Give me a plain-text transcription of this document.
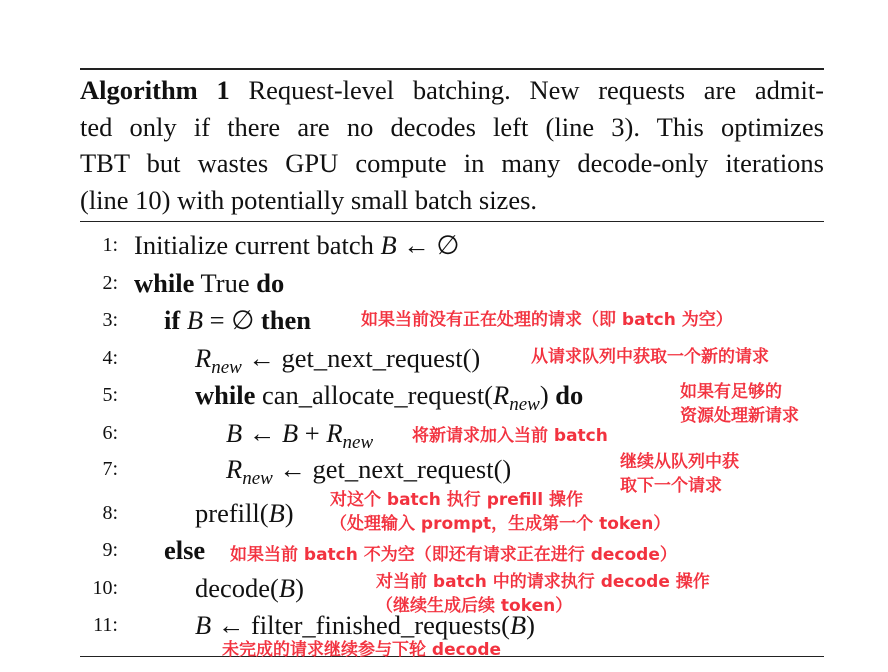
Algorithm 1 Request-level batching. New requests are admit-
ted only if there are no decodes left (line 3). This optimizes
TBT but wastes GPU compute in many decode-only iterations
(line 10) with potentially small batch sizes.
1: Initialize current batch B ← ∅
2: while True do
3: if B = ∅ then
4:	$R_{new}$ ← get_next_request()
5:	while $can\_allocate\_request(R_{new})$ do
6:	B ← $B + R_{new}$
7:	$R_{new}$ ← get_next_request()
8:	prefill(B)
9: else
10:	decode(B)
11:	B ← filter_finished_requests(B)
如果当前没有正在处理的请求（即 batch 为空）
从请求队列中获取一个新的请求
如果有足够的
资源处理新请求
将新请求加入当前 batch
继续从队列中获
取下一个请求
对这个 batch 执行 prefill 操作
（处理输入 prompt，生成第一个 token）
如果当前 batch 不为空（即还有请求正在进行 decode）
对当前 batch 中的请求执行 decode 操作
（继续生成后续 token）
未完成的请求继续参与下轮 decode
